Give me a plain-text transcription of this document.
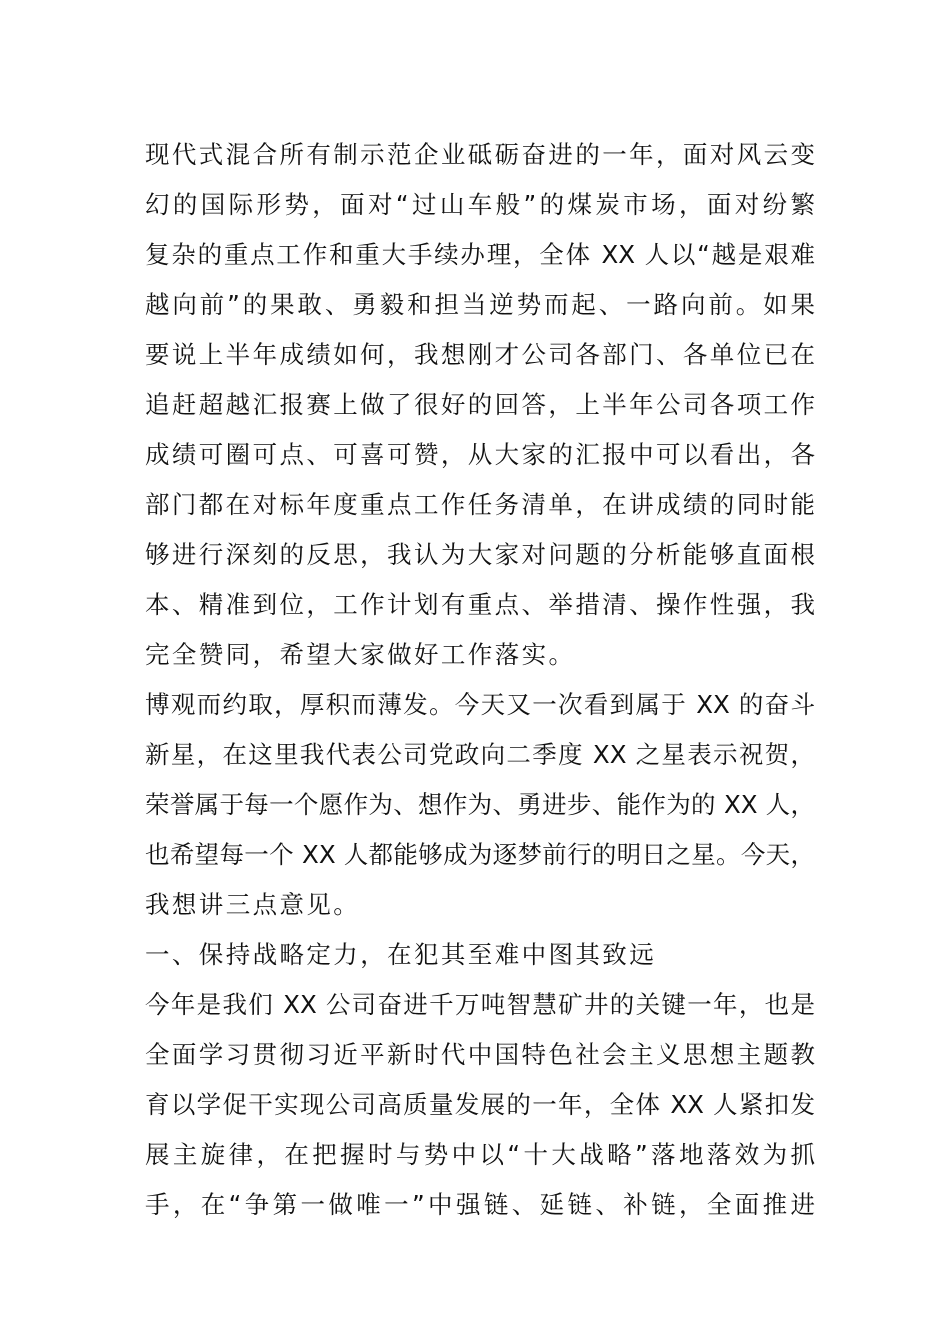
现代式混合所有制示范企业砥砺奋进的一年，面对风云变
幻的国际形势，面对“过山车般”的煤炭市场，面对纷繁
复杂的重点工作和重大手续办理，全体 XX 人以“越是艰难
越向前”的果敢、勇毅和担当逆势而起、一路向前。如果
要说上半年成绩如何，我想刚才公司各部门、各单位已在
追赶超越汇报赛上做了很好的回答，上半年公司各项工作
成绩可圈可点、可喜可赞，从大家的汇报中可以看出，各
部门都在对标年度重点工作任务清单，在讲成绩的同时能
够进行深刻的反思，我认为大家对问题的分析能够直面根
本、精准到位，工作计划有重点、举措清、操作性强，我
完全赞同，希望大家做好工作落实。
博观而约取，厚积而薄发。今天又一次看到属于 XX 的奋斗
新星，在这里我代表公司党政向二季度 XX 之星表示祝贺，
荣誉属于每一个愿作为、想作为、勇进步、能作为的 XX 人，
也希望每一个 XX 人都能够成为逐梦前行的明日之星。今天，
我想讲三点意见。
一、保持战略定力，在犯其至难中图其致远
今年是我们 XX 公司奋进千万吨智慧矿井的关键一年，也是
全面学习贯彻习近平新时代中国特色社会主义思想主题教
育以学促干实现公司高质量发展的一年，全体 XX 人紧扣发
展主旋律，在把握时与势中以“十大战略”落地落效为抓
手，在“争第一做唯一”中强链、延链、补链，全面推进
